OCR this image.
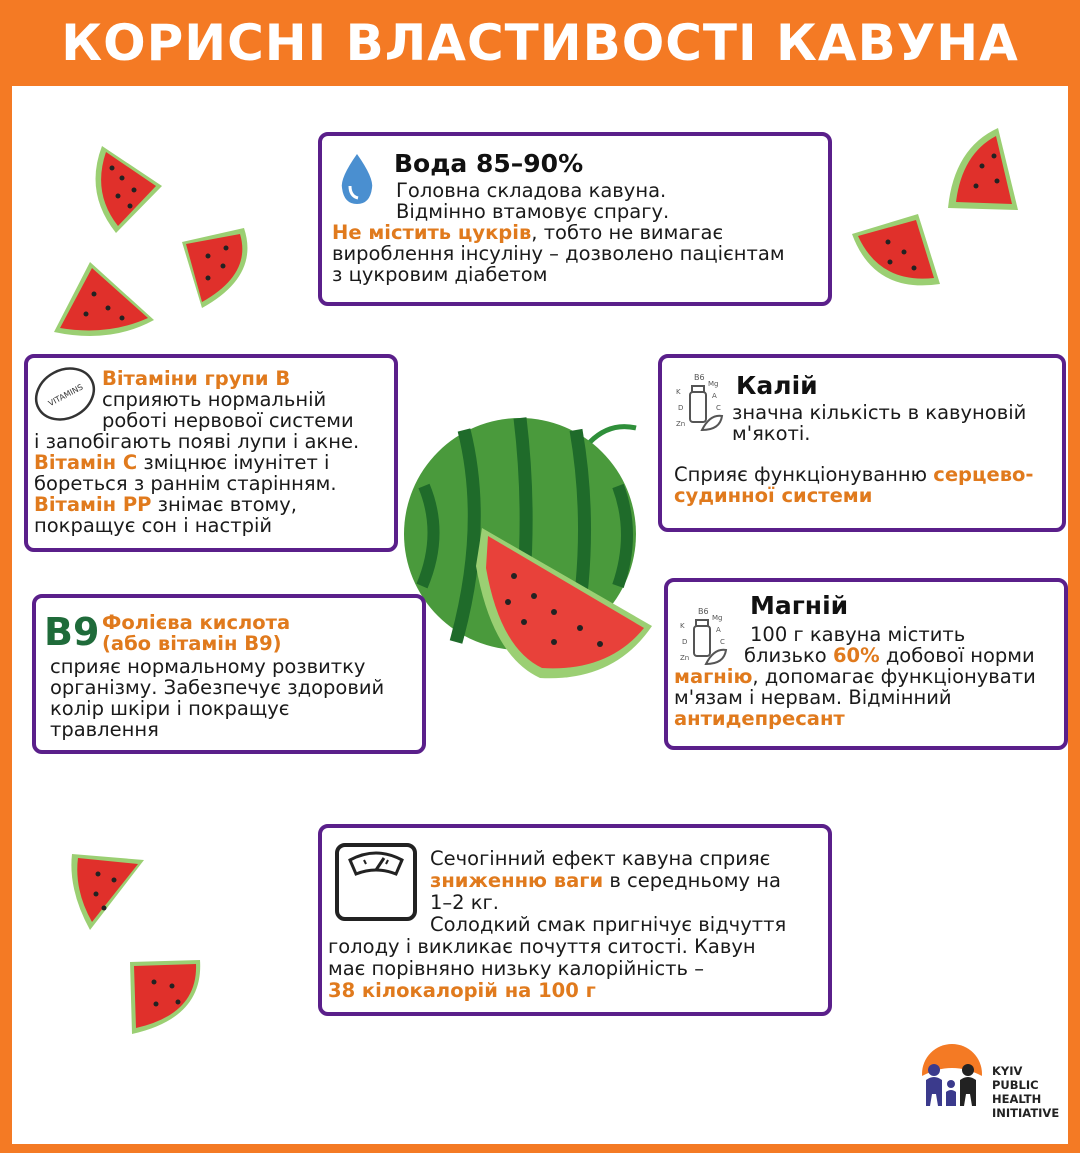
КОРИСНІ ВЛАСТИВОСТІ КАВУНА
Вода 85–90%
Головна складова кавуна.
Відмінно втамовує спрагу.
Не містить цукрів, тобто не вимагає
вироблення інсуліну – дозволено пацієнтам
з цукровим діабетом
VITAMINS
Вітаміни групи В
сприяють нормальній
роботі нервової системи
і запобігають появі лупи і акне.
Вітамін С зміцнює імунітет і
бореться з раннім старінням.
Вітамін РР знімає втому,
покращує сон і настрій
B6
Mg
K	A
D	C
Zn
Калій
значна кількість в кавуновій
м'якоті.
Сприяє функціонуванню серцево-
судинної системи
B9 Фолієва кислота
(або вітамін В9)
сприяє нормальному розвитку
організму. Забезпечує здоровий
колір шкіри і покращує
травлення
B6
Mg
K	A
D	C
Zn
Магній
100 г кавуна містить
близько 60% добової норми
магнію, допомагає функціонувати
м'язам і нервам. Відмінний
антидепресант
Сечогінний ефект кавуна сприяє
зниженню ваги в середньому на
1–2 кг.
Солодкий смак пригнічує відчуття
голоду і викликає почуття ситості. Кавун
має порівняно низьку калорійність –
38 кілокалорій на 100 г
KYIV
PUBLIC
HEALTH
INITIATIVE
